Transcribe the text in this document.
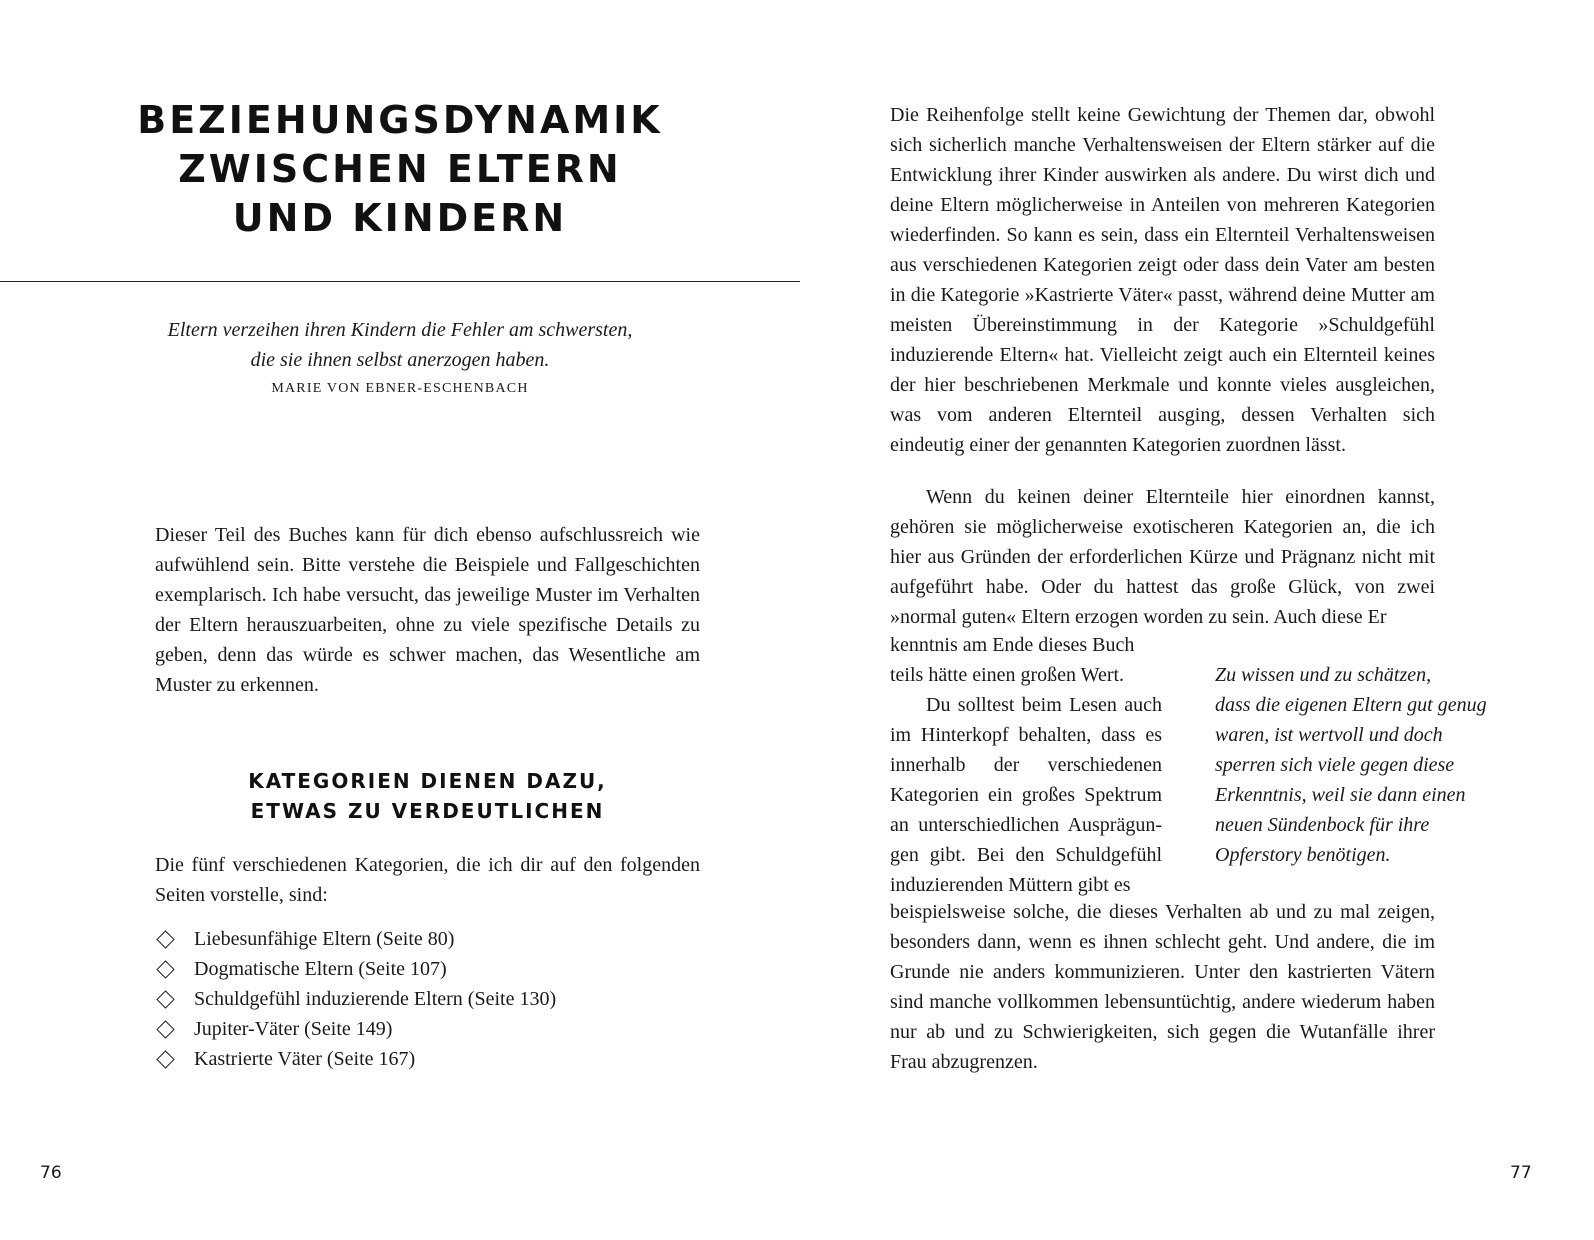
BEZIEHUNGSDYNAMIK
ZWISCHEN ELTERN
UND KINDERN
Eltern verzeihen ihren Kindern die Fehler am schwersten,
die sie ihnen selbst anerzogen haben.
MARIE VON EBNER-ESCHENBACH

Dieser Teil des Buches kann für dich ebenso aufschlussreich wie aufwühlend sein. Bitte verstehe die Beispiele und Fallgeschichten exemplarisch. Ich habe versucht, das jeweilige Muster im Verhalten der Eltern herauszuarbeiten, ohne zu viele spezifische Details zu geben, denn das würde es schwer machen, das Wesentliche am Muster zu erkennen.

KATEGORIEN DIENEN DAZU,
ETWAS ZU VERDEUTLICHEN

Die fünf verschiedenen Kategorien, die ich dir auf den folgenden Seiten vorstelle, sind:

Liebesunfähige Eltern (Seite 80)
Dogmatische Eltern (Seite 107)
Schuldgefühl induzierende Eltern (Seite 130)
Jupiter-Väter (Seite 149)
Kastrierte Väter (Seite 167)
76

Die Reihenfolge stellt keine Gewichtung der Themen dar, obwohl sich sicherlich manche Verhaltensweisen der Eltern stärker auf die Entwicklung ihrer Kinder auswirken als andere. Du wirst dich und deine Eltern möglicherweise in Anteilen von mehreren Kategorien wiederfinden. So kann es sein, dass ein Elternteil Verhaltensweisen aus verschiedenen Kategorien zeigt oder dass dein Vater am besten in die Kategorie »Kastrierte Väter« passt, während deine Mutter am meisten Übereinstimmung in der Kategorie »Schuldgefühl induzierende Eltern« hat. Vielleicht zeigt auch ein Elternteil keines der hier beschriebenen Merkmale und konnte vieles ausgleichen, was vom anderen Elternteil ausging, dessen Verhalten sich eindeutig einer der genannten Kategorien zuordnen lässt.

Wenn du keinen deiner Elternteile hier einordnen kannst, gehören sie möglicherweise exotischeren Kategorien an, die ich hier aus Gründen der erforderlichen Kürze und Prägnanz nicht mit aufgeführt habe. Oder du hattest das große Glück, von zwei »normal guten« Eltern erzogen worden zu sein. Auch diese Er

kenntnis am Ende dieses Buch
teils hätte einen großen Wert.
Du solltest beim Lesen auch im Hinterkopf behalten, dass es innerhalb der verschiedenen Kategorien ein großes Spektrum an unterschiedlichen Ausprägungen gibt. Bei den Schuldgefühl induzierenden Müttern gibt es
Zu wissen und zu schätzen,
dass die eigenen Eltern gut genug
waren, ist wertvoll und doch
sperren sich viele gegen diese
Erkenntnis, weil sie dann einen
neuen Sündenbock für ihre
Opferstory benötigen.

beispielsweise solche, die dieses Verhalten ab und zu mal zeigen, besonders dann, wenn es ihnen schlecht geht. Und andere, die im Grunde nie anders kommunizieren. Unter den kastrierten Vätern sind manche vollkommen lebensuntüchtig, andere wiederum haben nur ab und zu Schwierigkeiten, sich gegen die Wutanfälle ihrer Frau abzugrenzen.

77
